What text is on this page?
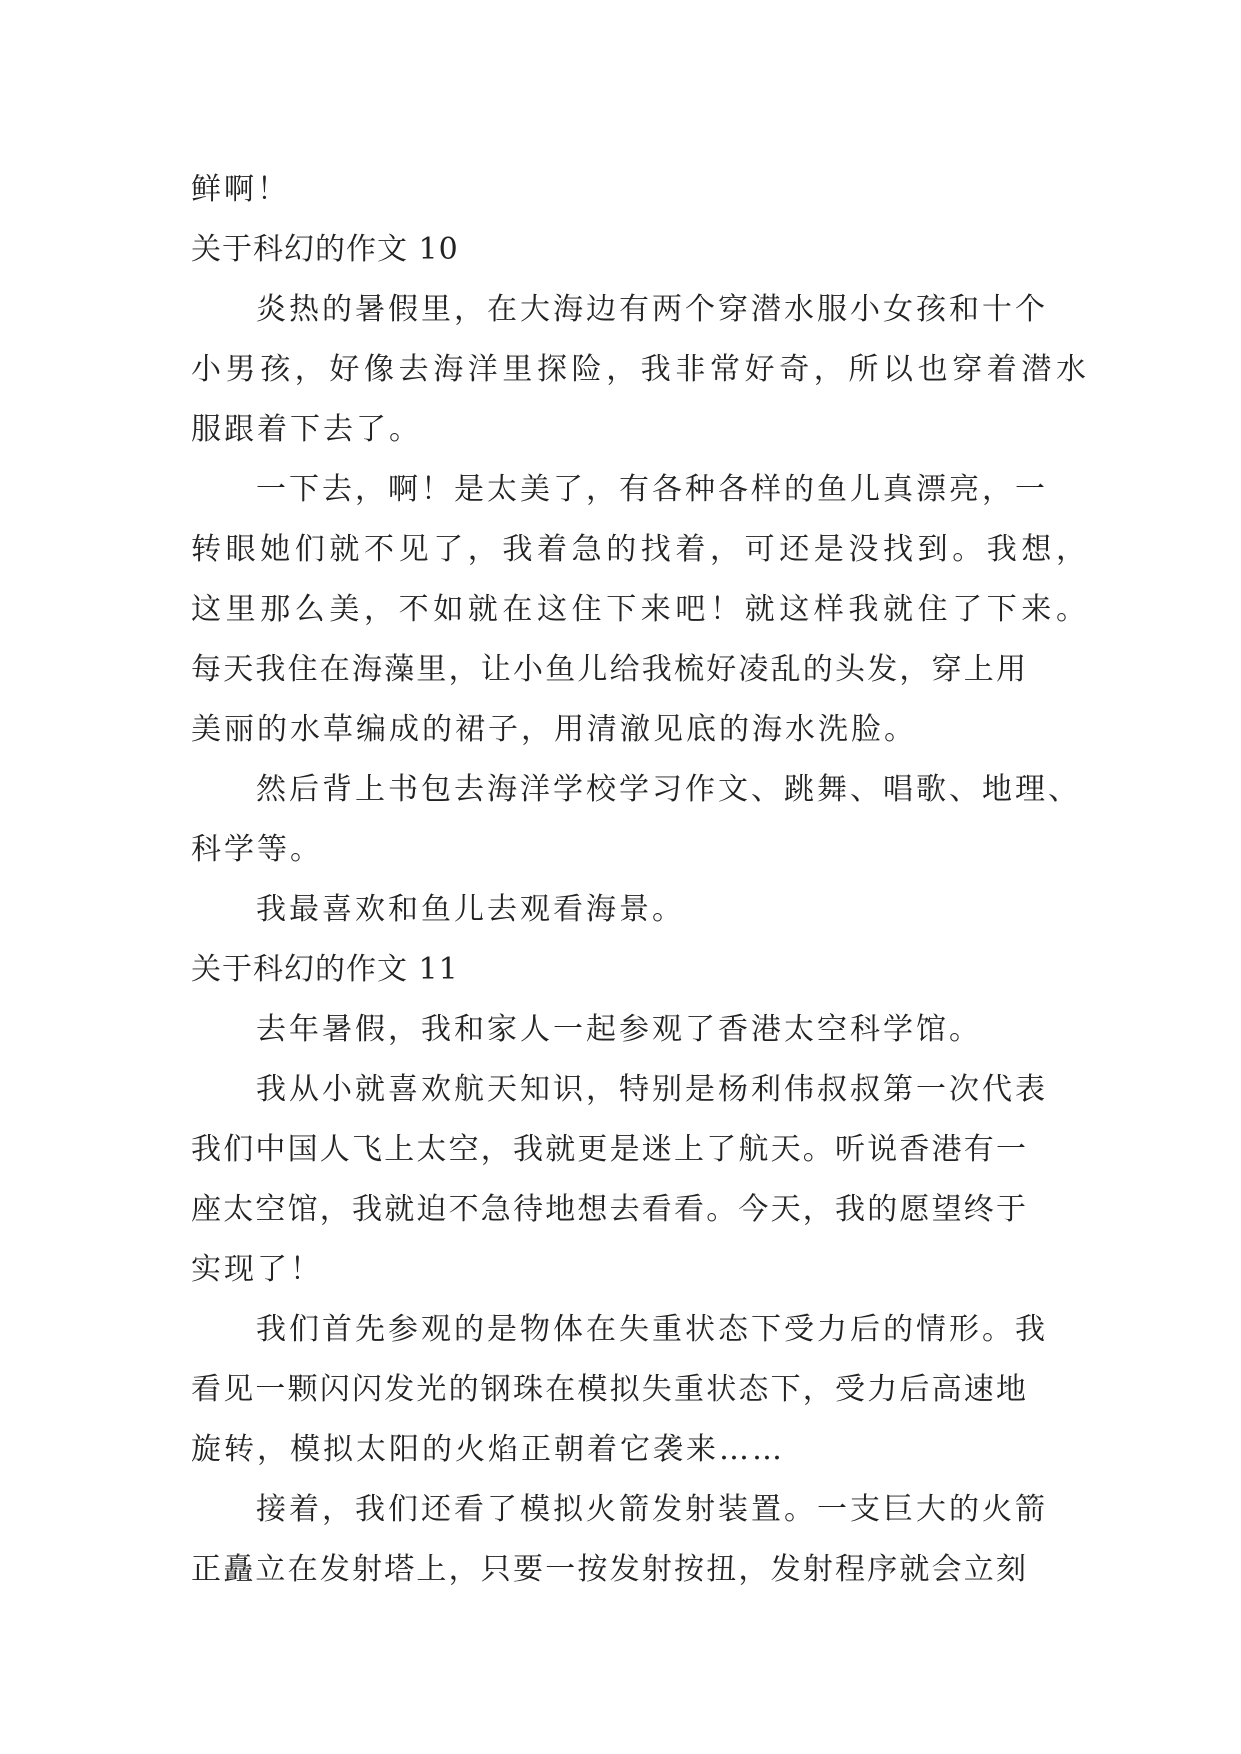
鲜啊！
关于科幻的作文 10
炎热的暑假里，在大海边有两个穿潜水服小女孩和十个
小男孩，好像去海洋里探险，我非常好奇，所以也穿着潜水
服跟着下去了。
一下去，啊！是太美了，有各种各样的鱼儿真漂亮，一
转眼她们就不见了，我着急的找着，可还是没找到。我想，
这里那么美，不如就在这住下来吧！就这样我就住了下来。
每天我住在海藻里，让小鱼儿给我梳好凌乱的头发，穿上用
美丽的水草编成的裙子，用清澈见底的海水洗脸。
然后背上书包去海洋学校学习作文、跳舞、唱歌、地理、
科学等。
我最喜欢和鱼儿去观看海景。
关于科幻的作文 11
去年暑假，我和家人一起参观了香港太空科学馆。
我从小就喜欢航天知识，特别是杨利伟叔叔第一次代表
我们中国人飞上太空，我就更是迷上了航天。听说香港有一
座太空馆，我就迫不急待地想去看看。今天，我的愿望终于
实现了！
我们首先参观的是物体在失重状态下受力后的情形。我
看见一颗闪闪发光的钢珠在模拟失重状态下，受力后高速地
旋转，模拟太阳的火焰正朝着它袭来……
接着，我们还看了模拟火箭发射装置。一支巨大的火箭
正矗立在发射塔上，只要一按发射按扭，发射程序就会立刻
